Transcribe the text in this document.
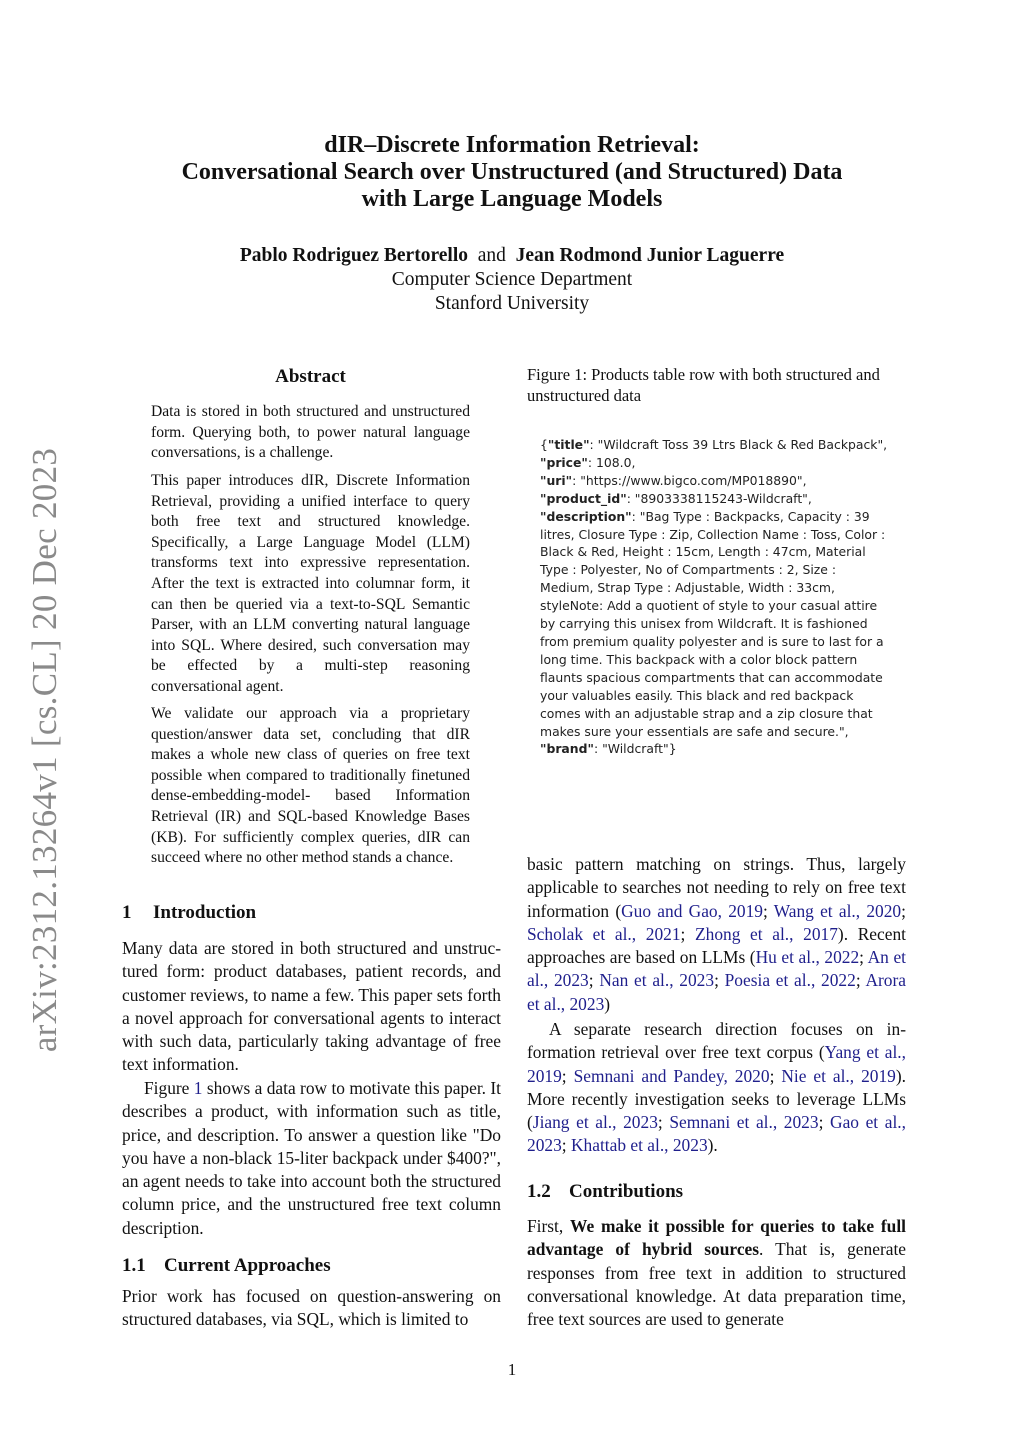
arXiv:2312.13264v1 [cs.CL] 20 Dec 2023
dIR–Discrete Information Retrieval:
Conversational Search over Unstructured (and Structured) Data
with Large Language Models
Pablo Rodriguez Bertorello and Jean Rodmond Junior Laguerre
Computer Science Department
Stanford University
Abstract

Data is stored in both structured and unstructured form. Querying both, to power natural language conversations, is a challenge.

This paper introduces dIR, Discrete Information Retrieval, providing a unified interface to query both free text and structured knowledge. Specifically, a Large Language Model (LLM) transforms text into expressive representation. After the text is extracted into columnar form, it can then be queried via a text-to-SQL Semantic Parser, with an LLM converting natural language into SQL. Where desired, such conversation may be effected by a multi-step reasoning conversational agent.

We validate our approach via a proprietary question/answer data set, concluding that dIR makes a whole new class of queries on free text possible when compared to traditionally finetuned dense-embedding-model- based Information Retrieval (IR) and SQL-based Knowledge Bases (KB). For sufficiently complex queries, dIR can succeed where no other method stands a chance.

1 Introduction

Many data are stored in both structured and unstructured form: product databases, patient records, and customer reviews, to name a few. This paper sets forth a novel approach for conversational agents to interact with such data, particularly taking advantage of free text information.

Figure 1 shows a data row to motivate this paper. It describes a product, with information such as title, price, and description. To answer a question like "Do you have a non-black 15-liter backpack under $400?", an agent needs to take into account both the structured column price, and the unstructured free text column description.

1.1 Current Approaches

Prior work has focused on question-answering on structured databases, via SQL, which is limited to

Figure 1: Products table row with both structured and unstructured data
{"title": "Wildcraft Toss 39 Ltrs Black & Red Backpack",
"price": 108.0,
"uri": "https://www.bigco.com/MP018890",
"product_id": "8903338115243-Wildcraft",
"description": "Bag Type : Backpacks, Capacity : 39 litres, Closure Type : Zip, Collection Name : Toss, Color : Black & Red, Height : 15cm, Length : 47cm, Material Type : Polyester, No of Compartments : 2, Size : Medium, Strap Type : Adjustable, Width : 33cm, styleNote: Add a quotient of style to your casual attire by carrying this unisex from Wildcraft. It is fashioned from premium quality polyester and is sure to last for a long time. This backpack with a color block pattern flaunts spacious compartments that can accommodate your valuables easily. This black and red backpack comes with an adjustable strap and a zip closure that makes sure your essentials are safe and secure.",
"brand": "Wildcraft"}

basic pattern matching on strings. Thus, largely applicable to searches not needing to rely on free text information (Guo and Gao, 2019; Wang et al., 2020; Scholak et al., 2021; Zhong et al., 2017). Recent approaches are based on LLMs (Hu et al., 2022; An et al., 2023; Nan et al., 2023; Poesia et al., 2022; Arora et al., 2023)

A separate research direction focuses on information retrieval over free text corpus (Yang et al., 2019; Semnani and Pandey, 2020; Nie et al., 2019). More recently investigation seeks to leverage LLMs (Jiang et al., 2023; Semnani et al., 2023; Gao et al., 2023; Khattab et al., 2023).

1.2 Contributions

First, We make it possible for queries to take full advantage of hybrid sources. That is, generate responses from free text in addition to structured conversational knowledge. At data preparation time, free text sources are used to generate

1
